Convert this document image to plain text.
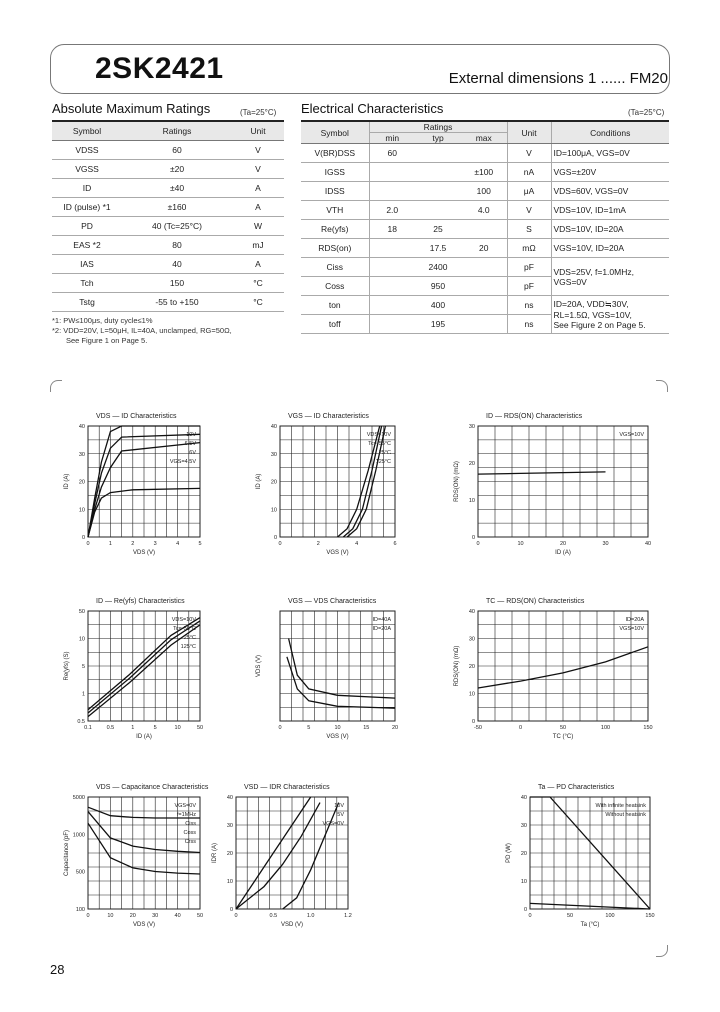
2SK2421	External dimensions 1 ...... FM20
Absolute Maximum Ratings	(Ta=25°C)
Symbol	Ratings	Unit
VDSS	60	V
VGSS	±20	V
ID	±40	A
ID (pulse) *1	±160	A
PD	40 (Tc=25°C)	W
EAS *2	80	mJ
IAS	40	A
Tch	150	°C
Tstg	-55 to +150	°C
*1: PW≤100μs, duty cycle≤1%
*2: VDD=20V, L=50μH, IL=40A, unclamped, RG=50Ω,
See Figure 1 on Page 5.
Electrical Characteristics	(Ta=25°C)
Symbol	Ratings			Unit	Conditions
	min	typ	max		
V(BR)DSS	60			V	ID=100μA, VGS=0V
IGSS			±100	nA	VGS=±20V
IDSS			100	μA	VDS=60V, VGS=0V
VTH	2.0		4.0	V	VDS=10V, ID=1mA
Re(yfs)	18	25		S	VDS=10V, ID=20A
RDS(on)		17.5	20	mΩ	VGS=10V, ID=20A
Ciss		2400		pF	VDS=25V, f=1.0MHz,
VGS=0V

Coss		950		pF	
ton		400		ns	ID=20A, VDD≒30V,
RL=1.5Ω, VGS=10V,
See Figure 2 on Page 5.

toff		195		ns	
VDS — ID Characteristics
0	1	2	3	4	5
0
10
20
30
40
VDS (V)
ID (A)
10V
6.5V
6V
VGS=4.5V
VGS — ID Characteristics
0	2	4	6
0
10
20
30
40
VGS (V)
ID (A)
VDS=10V
Tc=-55°C
25°C
125°C
ID — RDS(ON) Characteristics
0	10	20	30	40
0
10
20
30
ID (A)
RDS(ON) (mΩ)
VGS=10V
ID — Re(yfs) Characteristics
0.1	0.5	1	5	10	50
0.5
1
5
10
50
ID (A)
Re(yfs) (S)
VDS=10V
Tc=-55°C
25°C
125°C
VGS — VDS Characteristics
0	5	10	15	20
VGS (V)
VDS (V)
ID=40A
ID=20A
TC — RDS(ON) Characteristics
-50	0	50	100	150
0
10
20
30
40
TC (°C)
RDS(ON) (mΩ)
ID=20A
VGS=10V
VDS — Capacitance Characteristics
0	10	20	30	40	50
100
500
1000
5000
VDS (V)
Capacitance (pF)
VGS=0V
f=1MHz
Ciss
Coss
Crss
VSD — IDR Characteristics
0	0.5	1.0	1.2
0
10
20
30
40
VSD (V)
IDR (A)
10V
5V
VGS=0V
Ta — PD Characteristics
0	50	100	150
0
10
20
30
40
Ta (°C)
PD (W)
With infinite heatsink
Without heatsink
28
